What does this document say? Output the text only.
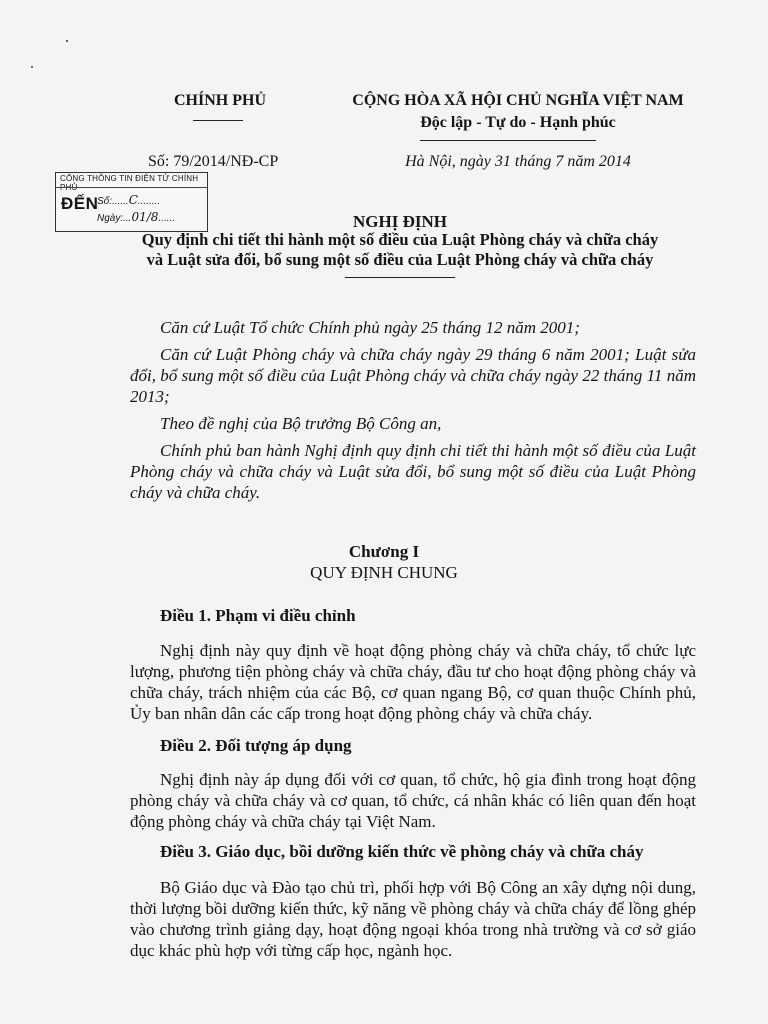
CHÍNH PHỦ	CỘNG HÒA XÃ HỘI CHỦ NGHĨA VIỆT NAM
Độc lập - Tự do - Hạnh phúc
Số: 79/2014/NĐ-CP	Hà Nội, ngày 31 tháng 7 năm 2014
CỔNG THÔNG TIN ĐIỆN TỬ CHÍNH PHỦ
ĐẾN
Số:......C........
Ngày:...01/8......	NGHỊ ĐỊNH
Quy định chi tiết thi hành một số điều của Luật Phòng cháy và chữa cháy
và Luật sửa đổi, bổ sung một số điều của Luật Phòng cháy và chữa cháy

Căn cứ Luật Tổ chức Chính phủ ngày 25 tháng 12 năm 2001;

Căn cứ Luật Phòng cháy và chữa cháy ngày 29 tháng 6 năm 2001; Luật sửa đổi, bổ sung một số điều của Luật Phòng cháy và chữa cháy ngày 22 tháng 11 năm 2013;

Theo đề nghị của Bộ trưởng Bộ Công an,

Chính phủ ban hành Nghị định quy định chi tiết thi hành một số điều của Luật Phòng cháy và chữa cháy và Luật sửa đổi, bổ sung một số điều của Luật Phòng cháy và chữa cháy.

Chương I
QUY ĐỊNH CHUNG
Điều 1. Phạm vi điều chỉnh
Nghị định này quy định về hoạt động phòng cháy và chữa cháy, tổ chức lực lượng, phương tiện phòng cháy và chữa cháy, đầu tư cho hoạt động phòng cháy và chữa cháy, trách nhiệm của các Bộ, cơ quan ngang Bộ, cơ quan thuộc Chính phủ, Ủy ban nhân dân các cấp trong hoạt động phòng cháy và chữa cháy.
Điều 2. Đối tượng áp dụng
Nghị định này áp dụng đối với cơ quan, tổ chức, hộ gia đình trong hoạt động phòng cháy và chữa cháy và cơ quan, tổ chức, cá nhân khác có liên quan đến hoạt động phòng cháy và chữa cháy tại Việt Nam.
Điều 3. Giáo dục, bồi dưỡng kiến thức về phòng cháy và chữa cháy
Bộ Giáo dục và Đào tạo chủ trì, phối hợp với Bộ Công an xây dựng nội dung, thời lượng bồi dưỡng kiến thức, kỹ năng về phòng cháy và chữa cháy để lồng ghép vào chương trình giảng dạy, hoạt động ngoại khóa trong nhà trường và cơ sở giáo dục khác phù hợp với từng cấp học, ngành học.
